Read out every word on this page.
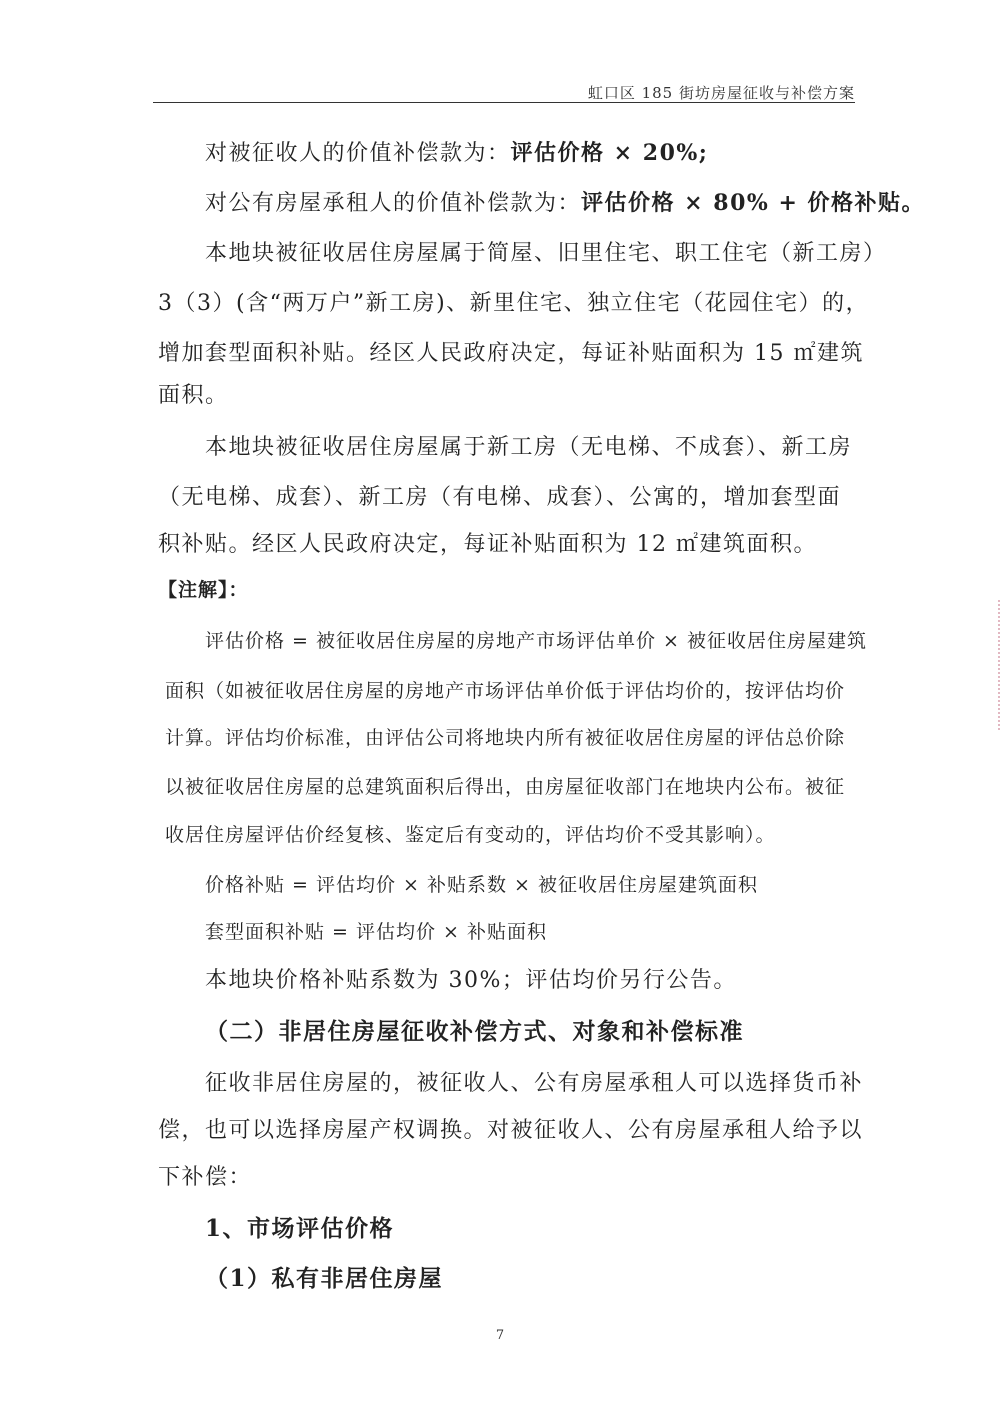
虹口区 185 街坊房屋征收与补偿方案
对被征收人的价值补偿款为：评估价格 × 20%;
对公有房屋承租人的价值补偿款为：评估价格 × 80% + 价格补贴。
本地块被征收居住房屋属于简屋、旧里住宅、职工住宅（新工房）
3（3）(含“两万户”新工房)、新里住宅、独立住宅（花园住宅）的，
增加套型面积补贴。经区人民政府决定，每证补贴面积为 15 ㎡建筑
面积。
本地块被征收居住房屋属于新工房（无电梯、不成套）、新工房
（无电梯、成套）、新工房（有电梯、成套）、公寓的，增加套型面
积补贴。经区人民政府决定，每证补贴面积为 12 ㎡建筑面积。
【注解】：
评估价格 = 被征收居住房屋的房地产市场评估单价 × 被征收居住房屋建筑
面积（如被征收居住房屋的房地产市场评估单价低于评估均价的，按评估均价
计算。评估均价标准，由评估公司将地块内所有被征收居住房屋的评估总价除
以被征收居住房屋的总建筑面积后得出，由房屋征收部门在地块内公布。被征
收居住房屋评估价经复核、鉴定后有变动的，评估均价不受其影响）。
价格补贴 = 评估均价 × 补贴系数 × 被征收居住房屋建筑面积
套型面积补贴 = 评估均价 × 补贴面积
本地块价格补贴系数为 30%；评估均价另行公告。
（二）非居住房屋征收补偿方式、对象和补偿标准
征收非居住房屋的，被征收人、公有房屋承租人可以选择货币补
偿，也可以选择房屋产权调换。对被征收人、公有房屋承租人给予以
下补偿：
1、市场评估价格
（1）私有非居住房屋
7
